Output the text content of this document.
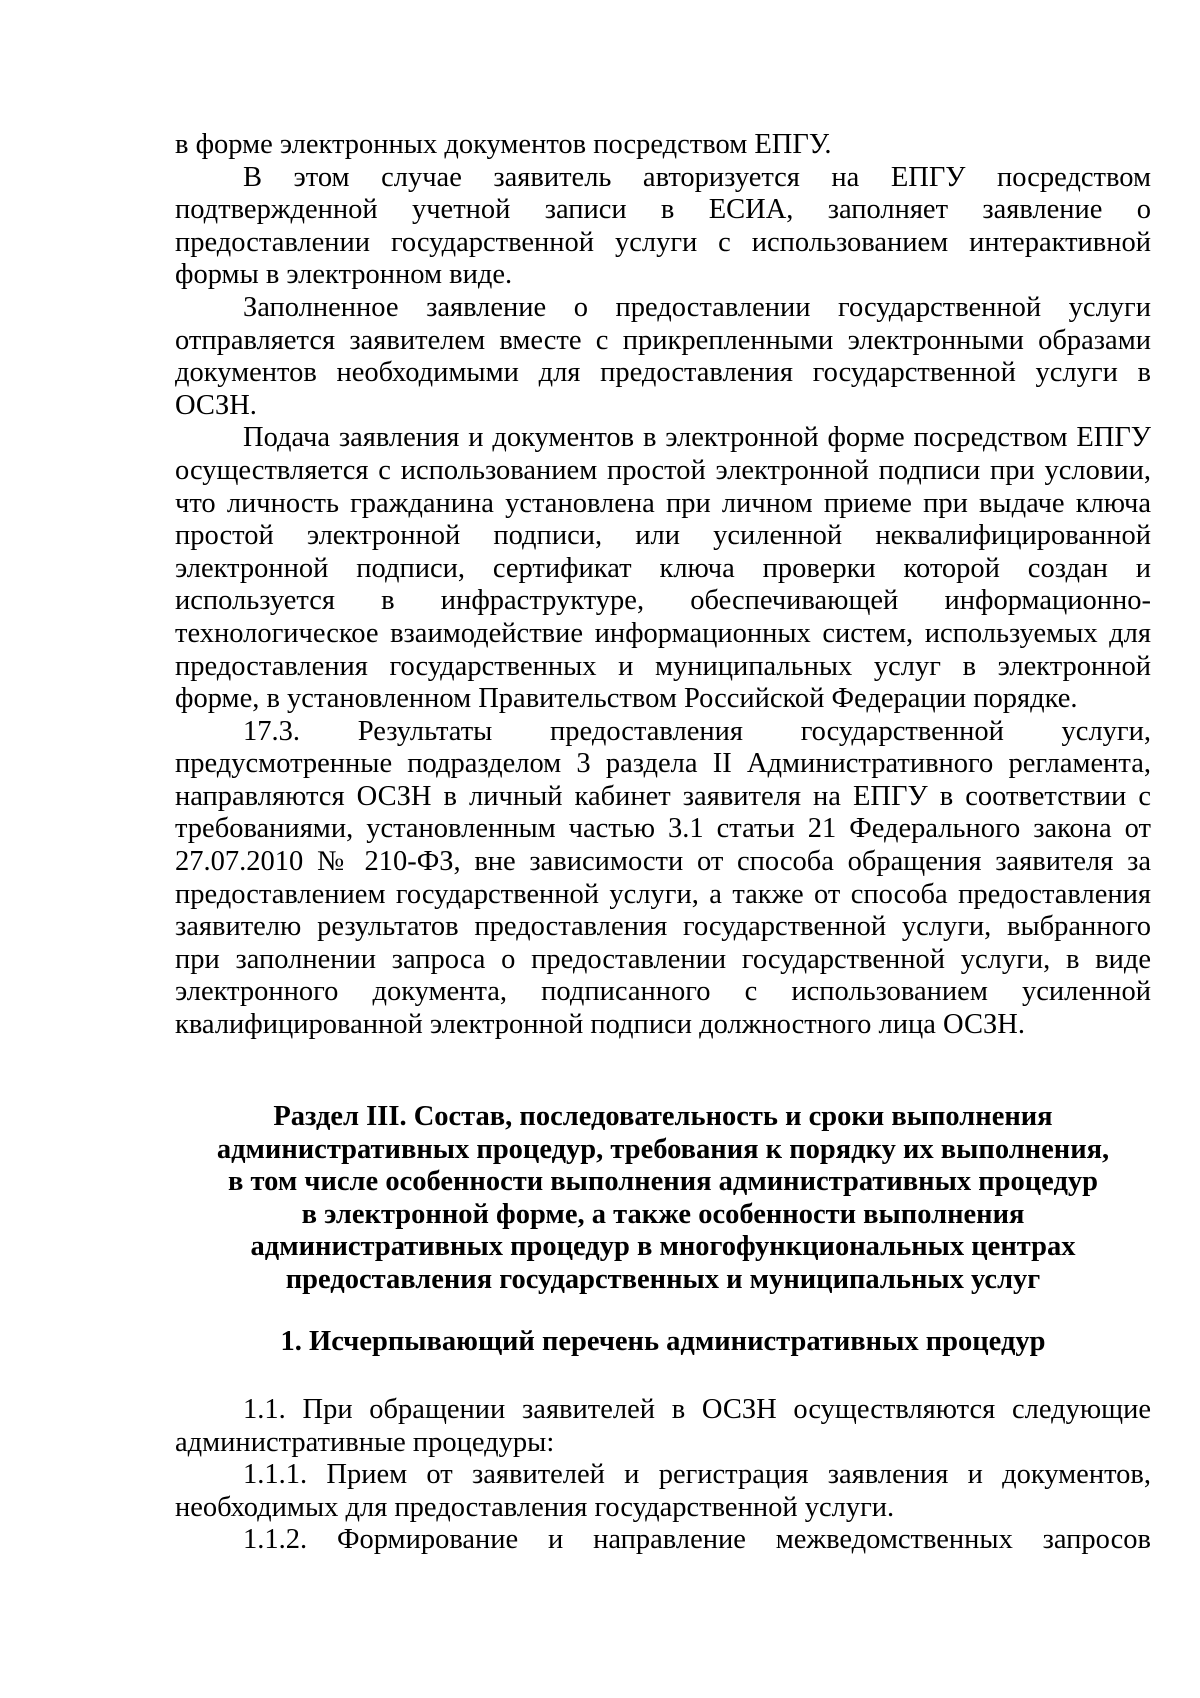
в форме электронных документов посредством ЕПГУ.

В этом случае заявитель авторизуется на ЕПГУ посредством подтвержденной учетной записи в ЕСИА, заполняет заявление о предоставлении государственной услуги с использованием интерактивной формы в электронном виде.

Заполненное заявление о предоставлении государственной услуги отправляется заявителем вместе с прикрепленными электронными образами документов необходимыми для предоставления государственной услуги в ОСЗН.

Подача заявления и документов в электронной форме посредством ЕПГУ осуществляется с использованием простой электронной подписи при условии, что личность гражданина установлена при личном приеме при выдаче ключа простой электронной подписи, или усиленной неквалифицированной электронной подписи, сертификат ключа проверки которой создан и используется в инфраструктуре, обеспечивающей информационно-технологическое взаимодействие информационных систем, используемых для предоставления государственных и муниципальных услуг в электронной форме, в установленном Правительством Российской Федерации порядке.

17.3. Результаты предоставления государственной услуги, предусмотренные подразделом 3 раздела II Административного регламента, направляются ОСЗН в личный кабинет заявителя на ЕПГУ в соответствии с требованиями, установленным частью 3.1 статьи 21 Федерального закона от 27.07.2010 № 210-ФЗ, вне зависимости от способа обращения заявителя за предоставлением государственной услуги, а также от способа предоставления заявителю результатов предоставления государственной услуги, выбранного при заполнении запроса о предоставлении государственной услуги, в виде электронного документа, подписанного с использованием усиленной квалифицированной электронной подписи должностного лица ОСЗН.

Раздел III. Состав, последовательность и сроки выполнения

административных процедур, требования к порядку их выполнения,

в том числе особенности выполнения административных процедур

в электронной форме, а также особенности выполнения

административных процедур в многофункциональных центрах

предоставления государственных и муниципальных услуг

1. Исчерпывающий перечень административных процедур

1.1. При обращении заявителей в ОСЗН осуществляются следующие административные процедуры:

1.1.1. Прием от заявителей и регистрация заявления и документов, необходимых для предоставления государственной услуги.

1.1.2. Формирование и направление межведомственных запросов
